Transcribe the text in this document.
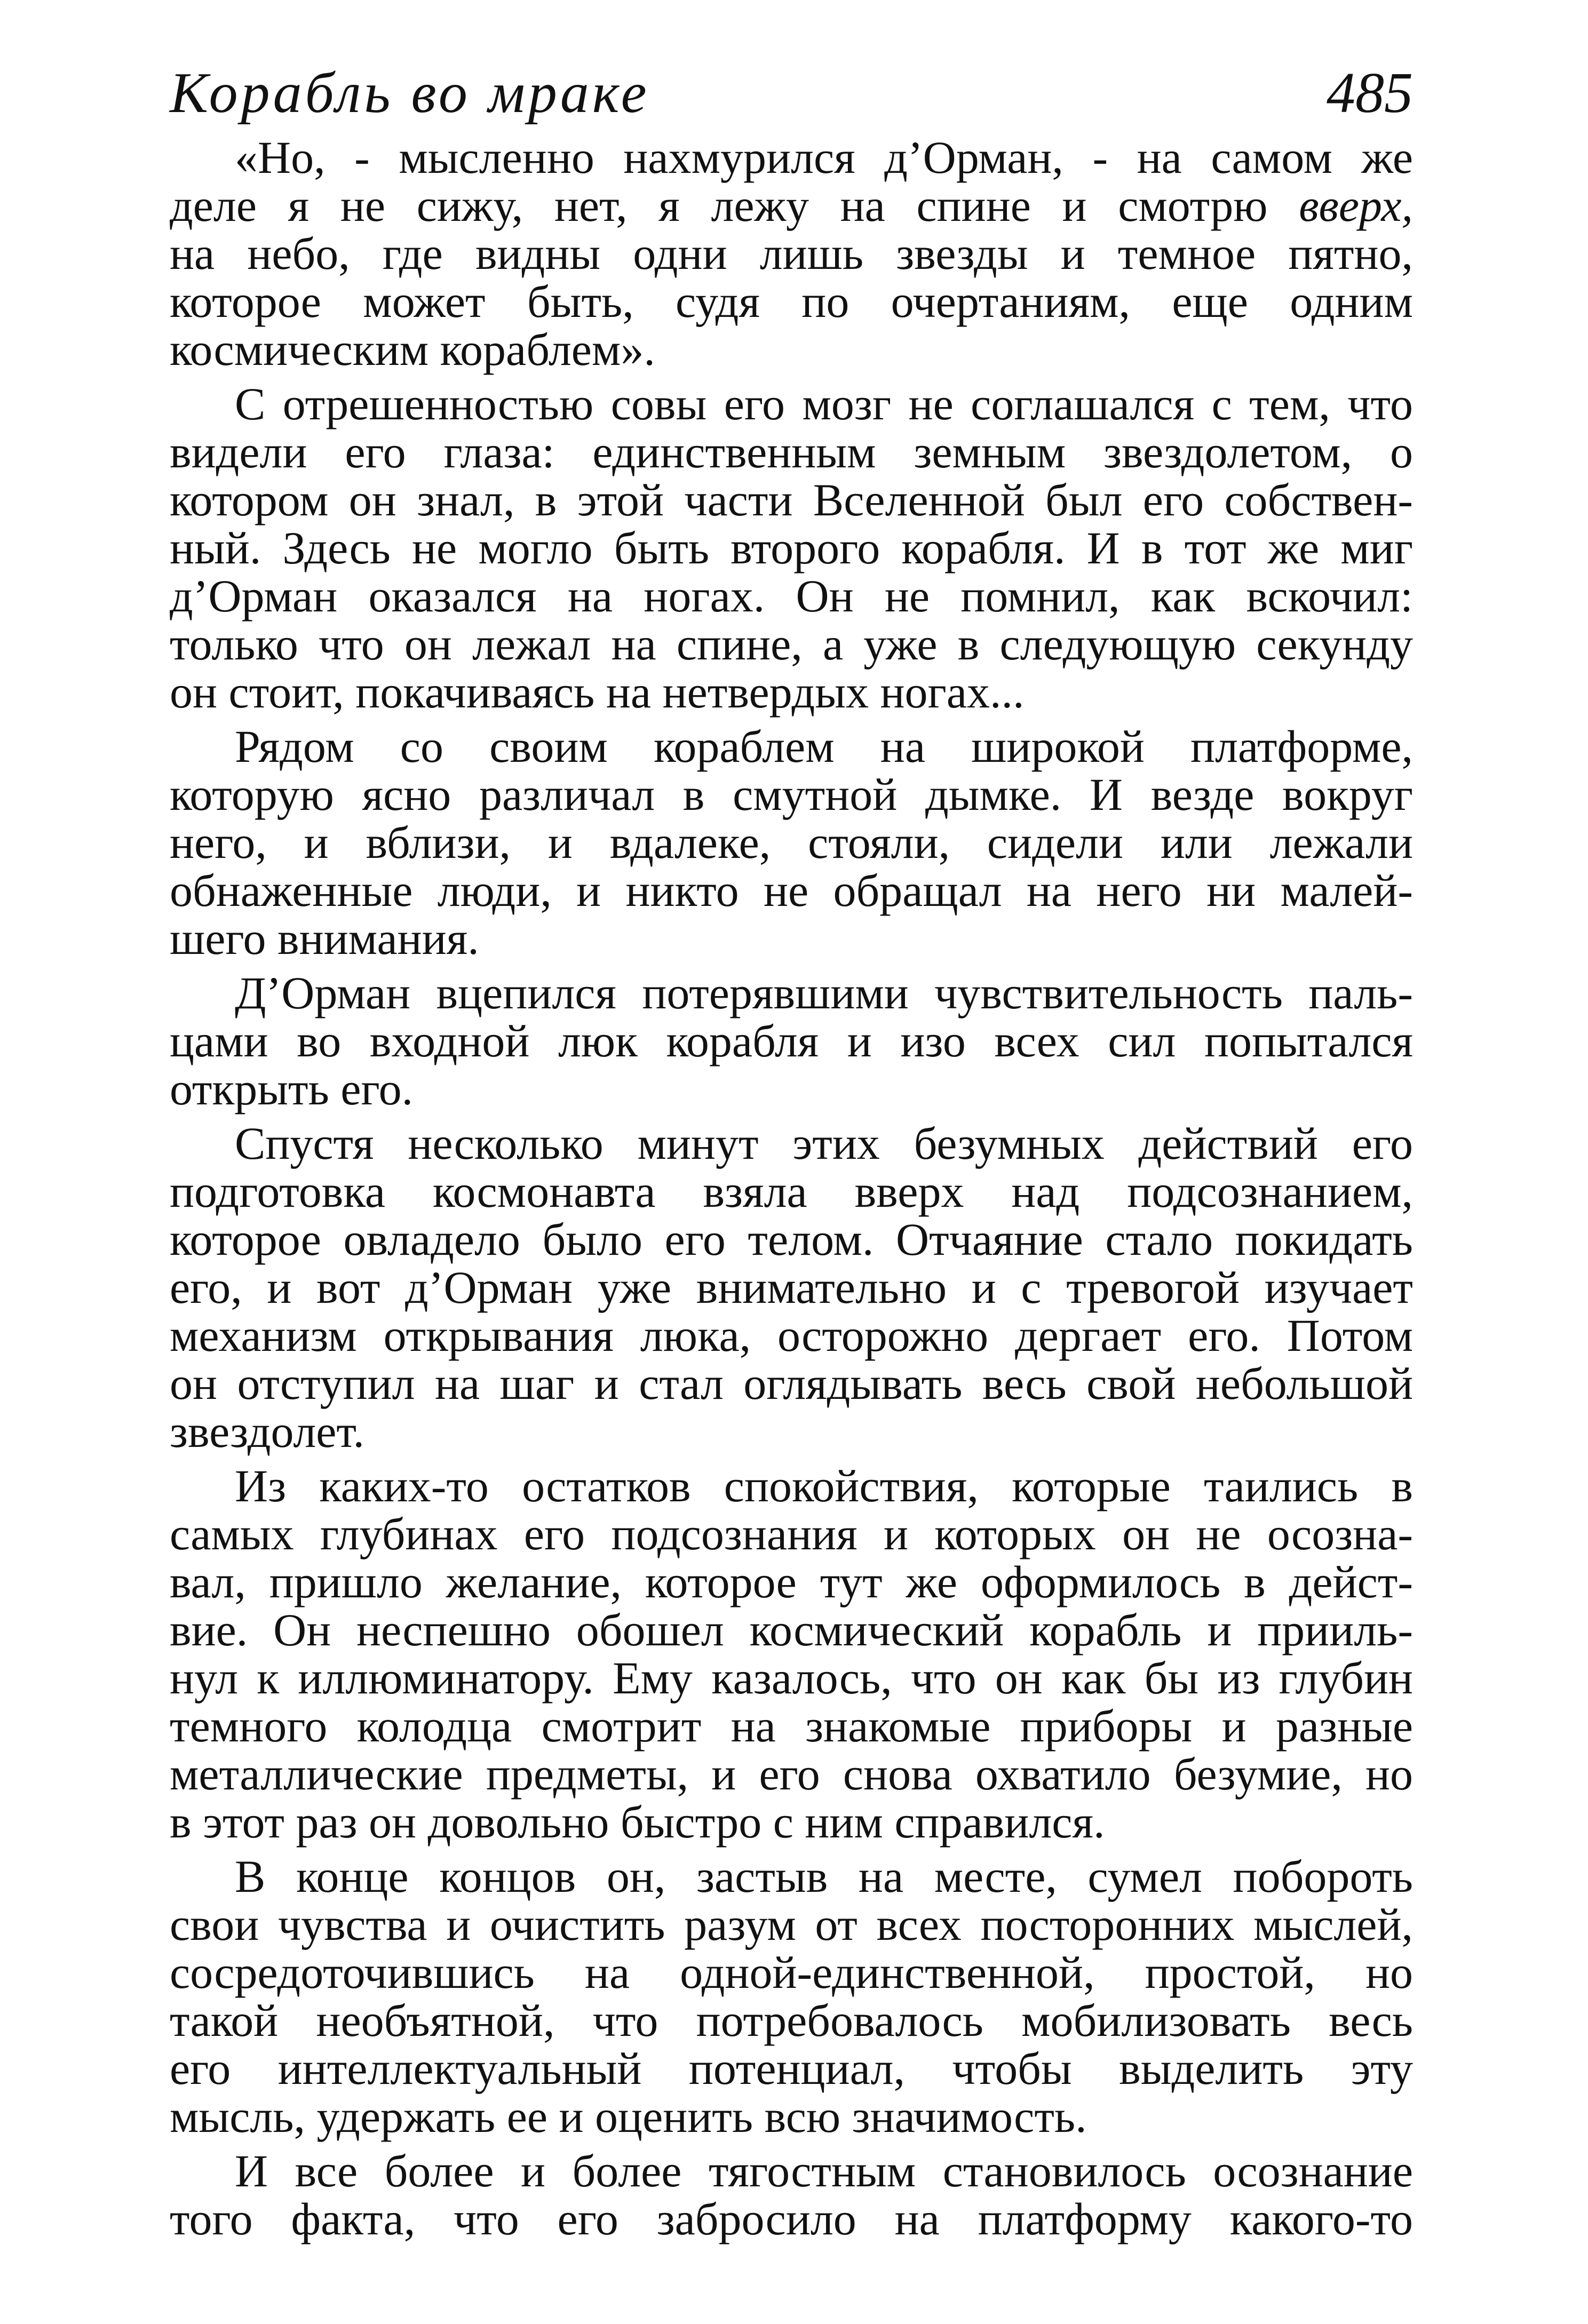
Корабль во мраке	485
«Но, - мысленно нахмурился д’Орман, - на самом же
деле я не сижу, нет, я лежу на спине и смотрю вверх,
на небо, где видны одни лишь звезды и темное пятно,
которое может быть, судя по очертаниям, еще одним
космическим кораблем».
С отрешенностью совы его мозг не соглашался с тем, что
видели его глаза: единственным земным звездолетом, о
котором он знал, в этой части Вселенной был его собствен-
ный. Здесь не могло быть второго корабля. И в тот же миг
д’Орман оказался на ногах. Он не помнил, как вскочил:
только что он лежал на спине, а уже в следующую секунду
он стоит, покачиваясь на нетвердых ногах...
Рядом со своим кораблем на широкой платформе,
которую ясно различал в смутной дымке. И везде вокруг
него, и вблизи, и вдалеке, стояли, сидели или лежали
обнаженные люди, и никто не обращал на него ни малей-
шего внимания.
Д’Орман вцепился потерявшими чувствительность паль-
цами во входной люк корабля и изо всех сил попытался
открыть его.
Спустя несколько минут этих безумных действий его
подготовка космонавта взяла вверх над подсознанием,
которое овладело было его телом. Отчаяние стало покидать
его, и вот д’Орман уже внимательно и с тревогой изучает
механизм открывания люка, осторожно дергает его. Потом
он отступил на шаг и стал оглядывать весь свой небольшой
звездолет.
Из каких-то остатков спокойствия, которые таились в
самых глубинах его подсознания и которых он не осозна-
вал, пришло желание, которое тут же оформилось в дейст-
вие. Он неспешно обошел космический корабль и прииль-
нул к иллюминатору. Ему казалось, что он как бы из глубин
темного колодца смотрит на знакомые приборы и разные
металлические предметы, и его снова охватило безумие, но
в этот раз он довольно быстро с ним справился.
В конце концов он, застыв на месте, сумел побороть
свои чувства и очистить разум от всех посторонних мыслей,
сосредоточившись на одной-единственной, простой, но
такой необъятной, что потребовалось мобилизовать весь
его интеллектуальный потенциал, чтобы выделить эту
мысль, удержать ее и оценить всю значимость.
И все более и более тягостным становилось осознание
того факта, что его забросило на платформу какого-то
